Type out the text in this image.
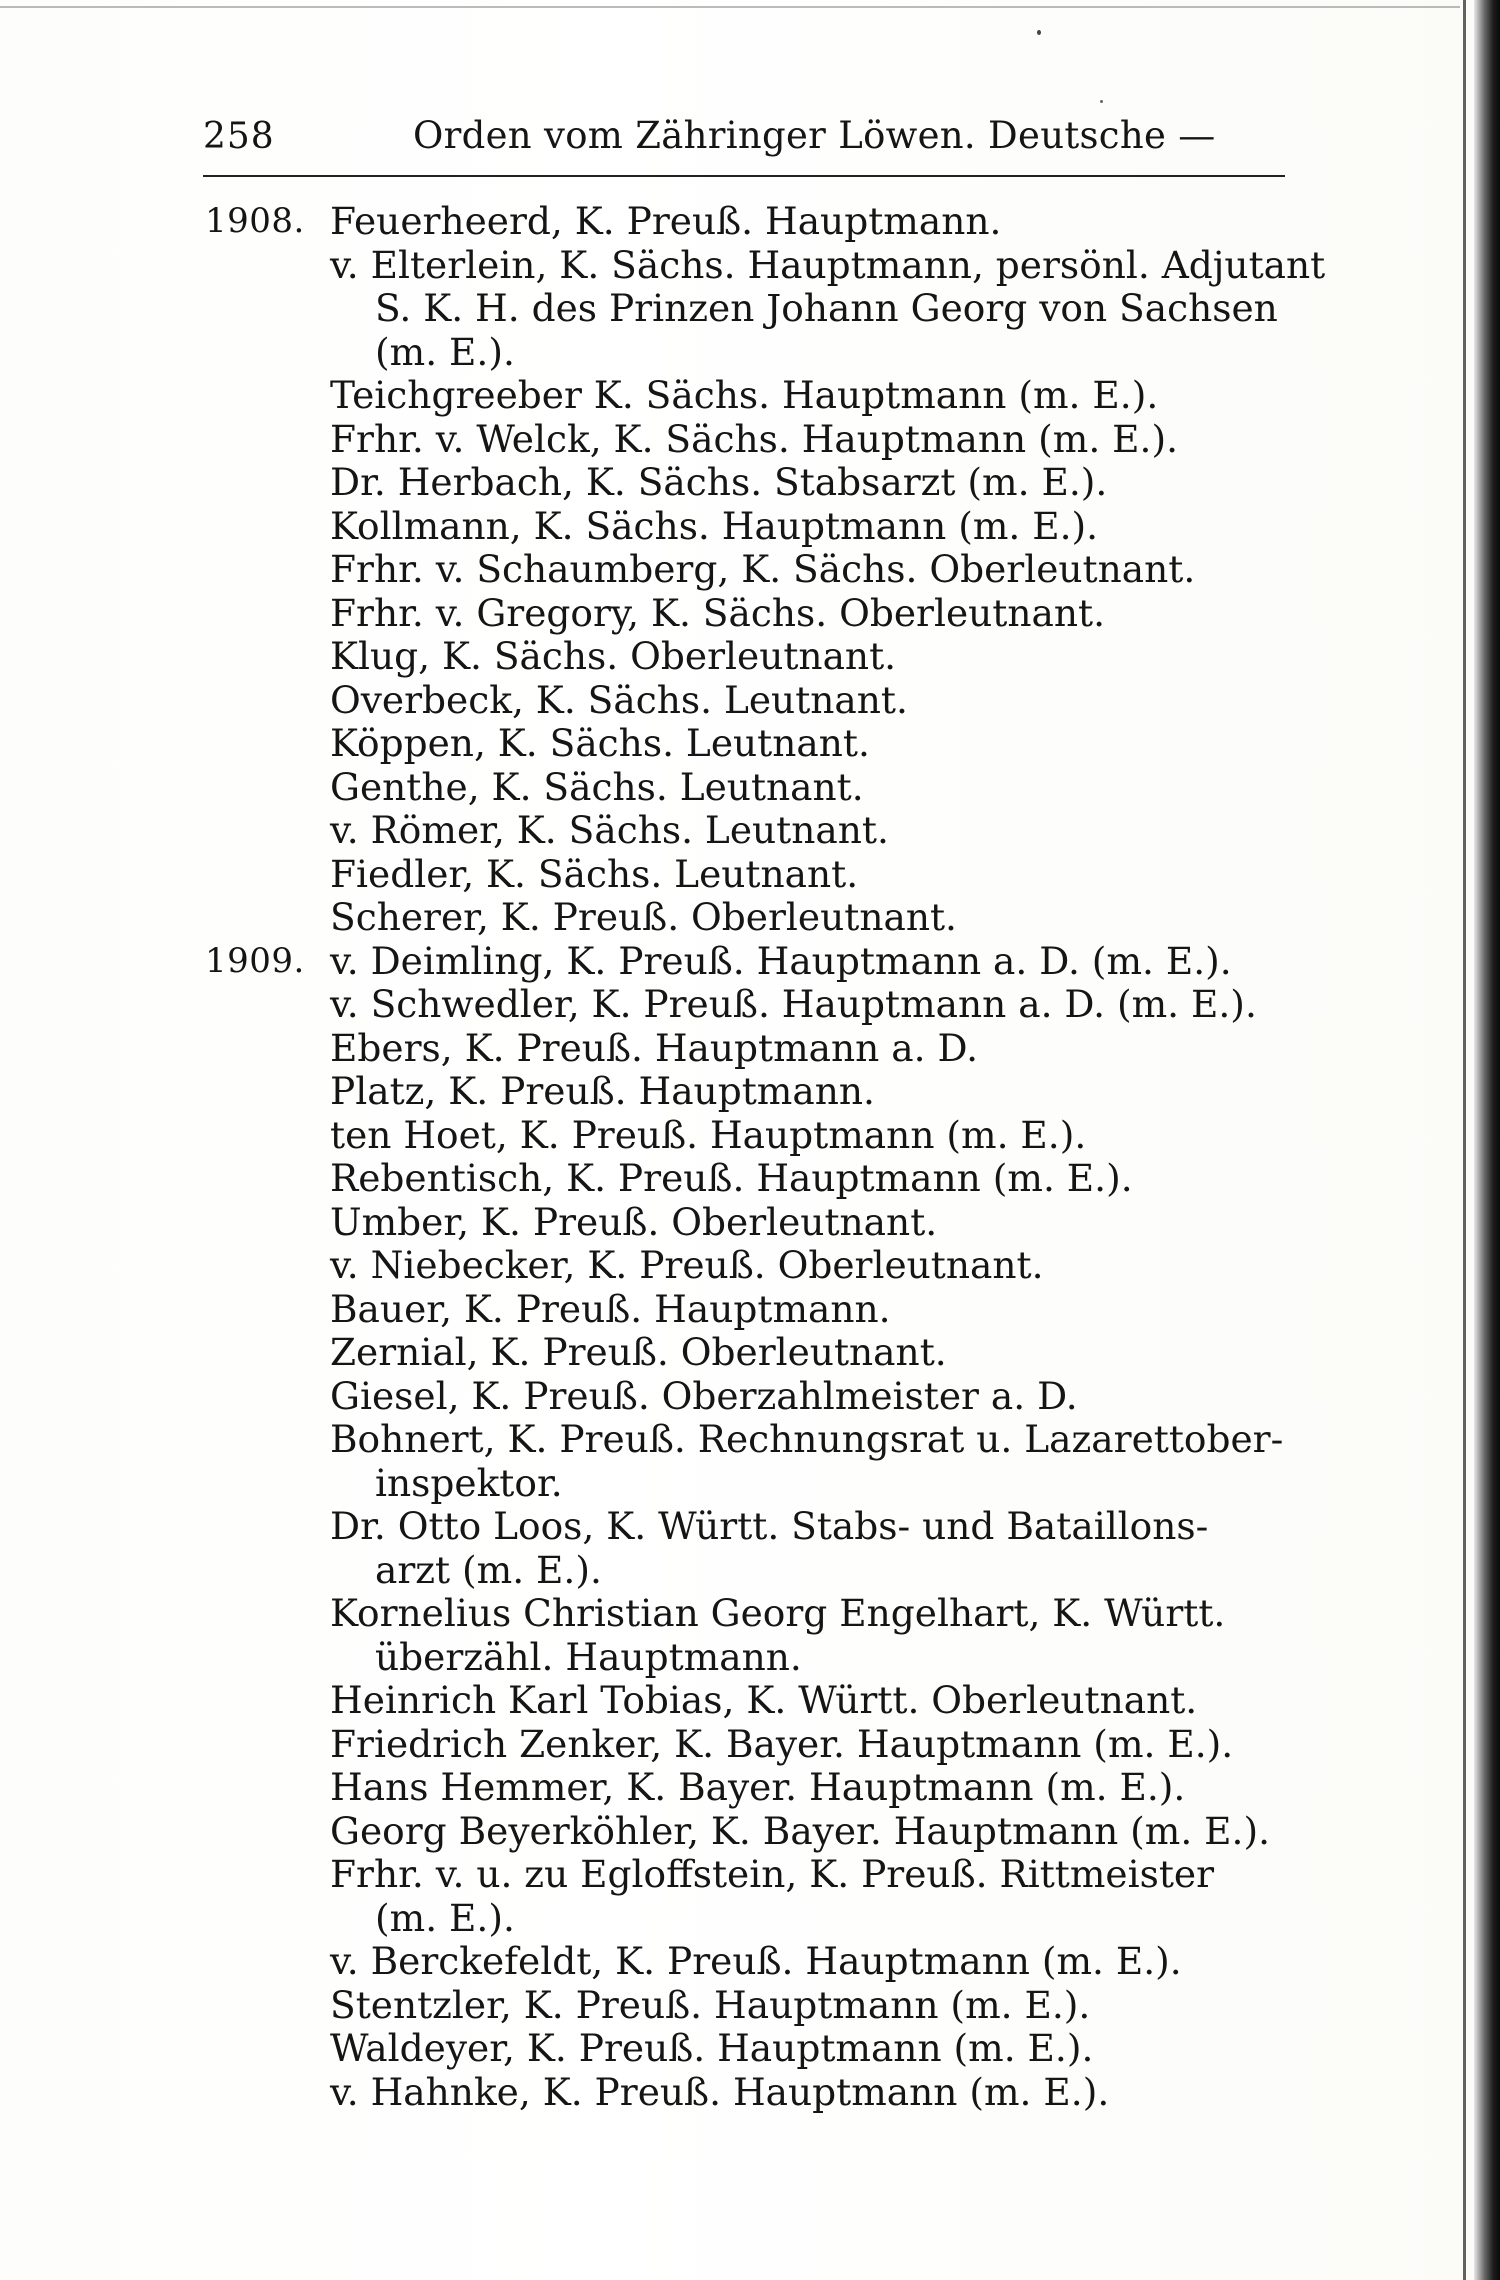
258	Orden vom Zähringer Löwen. Deutsche —
1908. Feuerheerd, K. Preuß. Hauptmann.
v. Elterlein, K. Sächs. Hauptmann, persönl. Adjutant
S. K. H. des Prinzen Johann Georg von Sachsen
(m. E.).
Teichgreeber K. Sächs. Hauptmann (m. E.).
Frhr. v. Welck, K. Sächs. Hauptmann (m. E.).
Dr. Herbach, K. Sächs. Stabsarzt (m. E.).
Kollmann, K. Sächs. Hauptmann (m. E.).
Frhr. v. Schaumberg, K. Sächs. Oberleutnant.
Frhr. v. Gregory, K. Sächs. Oberleutnant.
Klug, K. Sächs. Oberleutnant.
Overbeck, K. Sächs. Leutnant.
Köppen, K. Sächs. Leutnant.
Genthe, K. Sächs. Leutnant.
v. Römer, K. Sächs. Leutnant.
Fiedler, K. Sächs. Leutnant.
Scherer, K. Preuß. Oberleutnant.
1909. v. Deimling, K. Preuß. Hauptmann a. D. (m. E.).
v. Schwedler, K. Preuß. Hauptmann a. D. (m. E.).
Ebers, K. Preuß. Hauptmann a. D.
Platz, K. Preuß. Hauptmann.
ten Hoet, K. Preuß. Hauptmann (m. E.).
Rebentisch, K. Preuß. Hauptmann (m. E.).
Umber, K. Preuß. Oberleutnant.
v. Niebecker, K. Preuß. Oberleutnant.
Bauer, K. Preuß. Hauptmann.
Zernial, K. Preuß. Oberleutnant.
Giesel, K. Preuß. Oberzahlmeister a. D.
Bohnert, K. Preuß. Rechnungsrat u. Lazarettober-
inspektor.
Dr. Otto Loos, K. Württ. Stabs- und Bataillons-
arzt (m. E.).
Kornelius Christian Georg Engelhart, K. Württ.
überzähl. Hauptmann.
Heinrich Karl Tobias, K. Württ. Oberleutnant.
Friedrich Zenker, K. Bayer. Hauptmann (m. E.).
Hans Hemmer, K. Bayer. Hauptmann (m. E.).
Georg Beyerköhler, K. Bayer. Hauptmann (m. E.).
Frhr. v. u. zu Egloffstein, K. Preuß. Rittmeister
(m. E.).
v. Berckefeldt, K. Preuß. Hauptmann (m. E.).
Stentzler, K. Preuß. Hauptmann (m. E.).
Waldeyer, K. Preuß. Hauptmann (m. E.).
v. Hahnke, K. Preuß. Hauptmann (m. E.).
